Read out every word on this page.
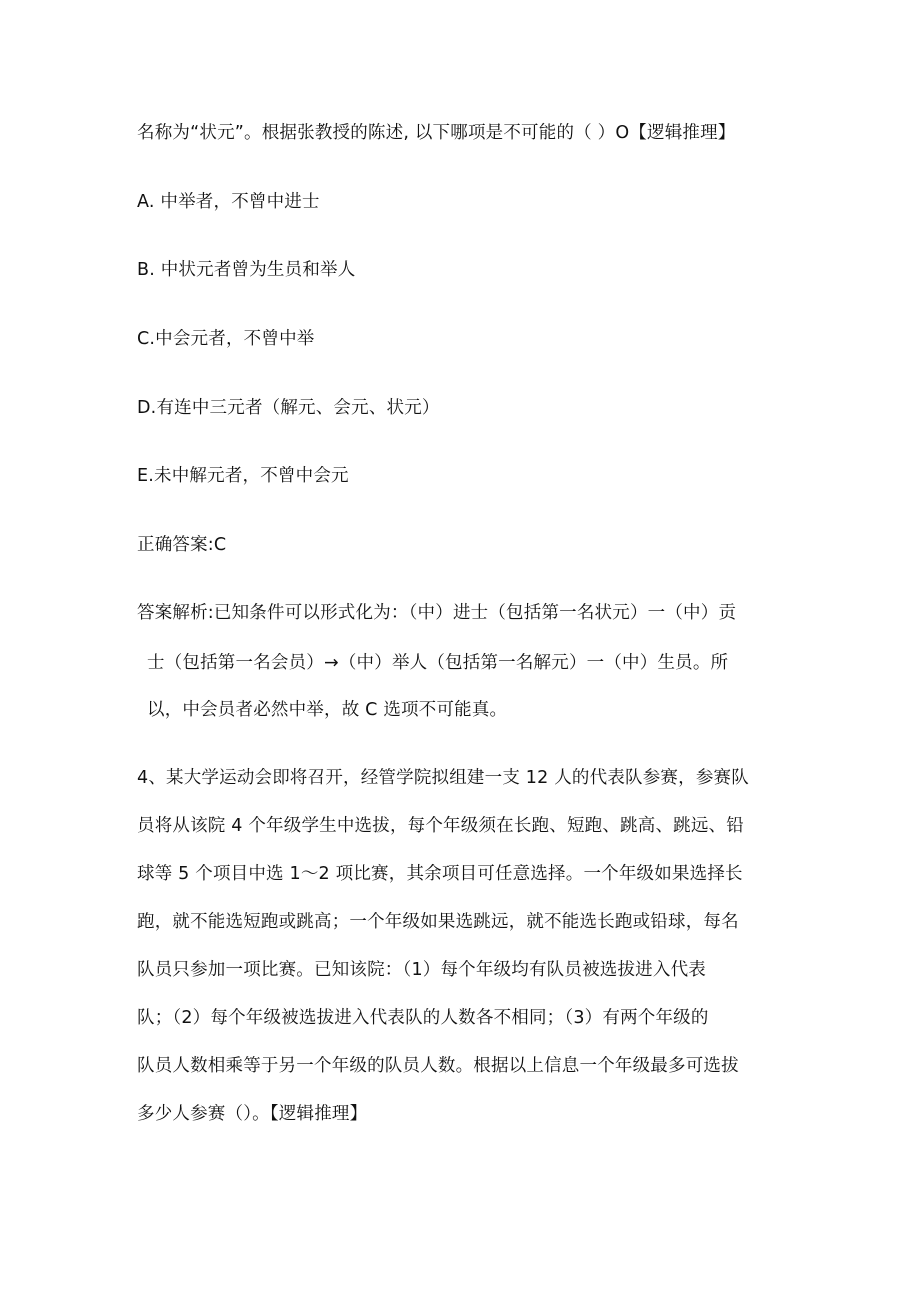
名称为“状元”。根据张教授的陈述, 以下哪项是不可能的（ ）O【逻辑推理】
A. 中举者，不曾中进士
B. 中状元者曾为生员和举人
C.中会元者，不曾中举
D.有连中三元者（解元、会元、状元）
E.未中解元者，不曾中会元
正确答案:C
答案解析:已知条件可以形式化为：（中）进士（包括第一名状元）一（中）贡
士（包括第一名会员）→（中）举人（包括第一名解元）一（中）生员。所
以，中会员者必然中举，故 C 选项不可能真。
4、某大学运动会即将召开，经管学院拟组建一支 12 人的代表队参赛，参赛队
员将从该院 4 个年级学生中选拔，每个年级须在长跑、短跑、跳高、跳远、铅
球等 5 个项目中选 1～2 项比赛，其余项目可任意选择。一个年级如果选择长
跑，就不能选短跑或跳高；一个年级如果选跳远，就不能选长跑或铅球，每名
队员只参加一项比赛。已知该院：（1）每个年级均有队员被选拔进入代表
队；（2）每个年级被选拔进入代表队的人数各不相同；（3）有两个年级的
队员人数相乘等于另一个年级的队员人数。根据以上信息一个年级最多可选拔
多少人参赛（）。【逻辑推理】
